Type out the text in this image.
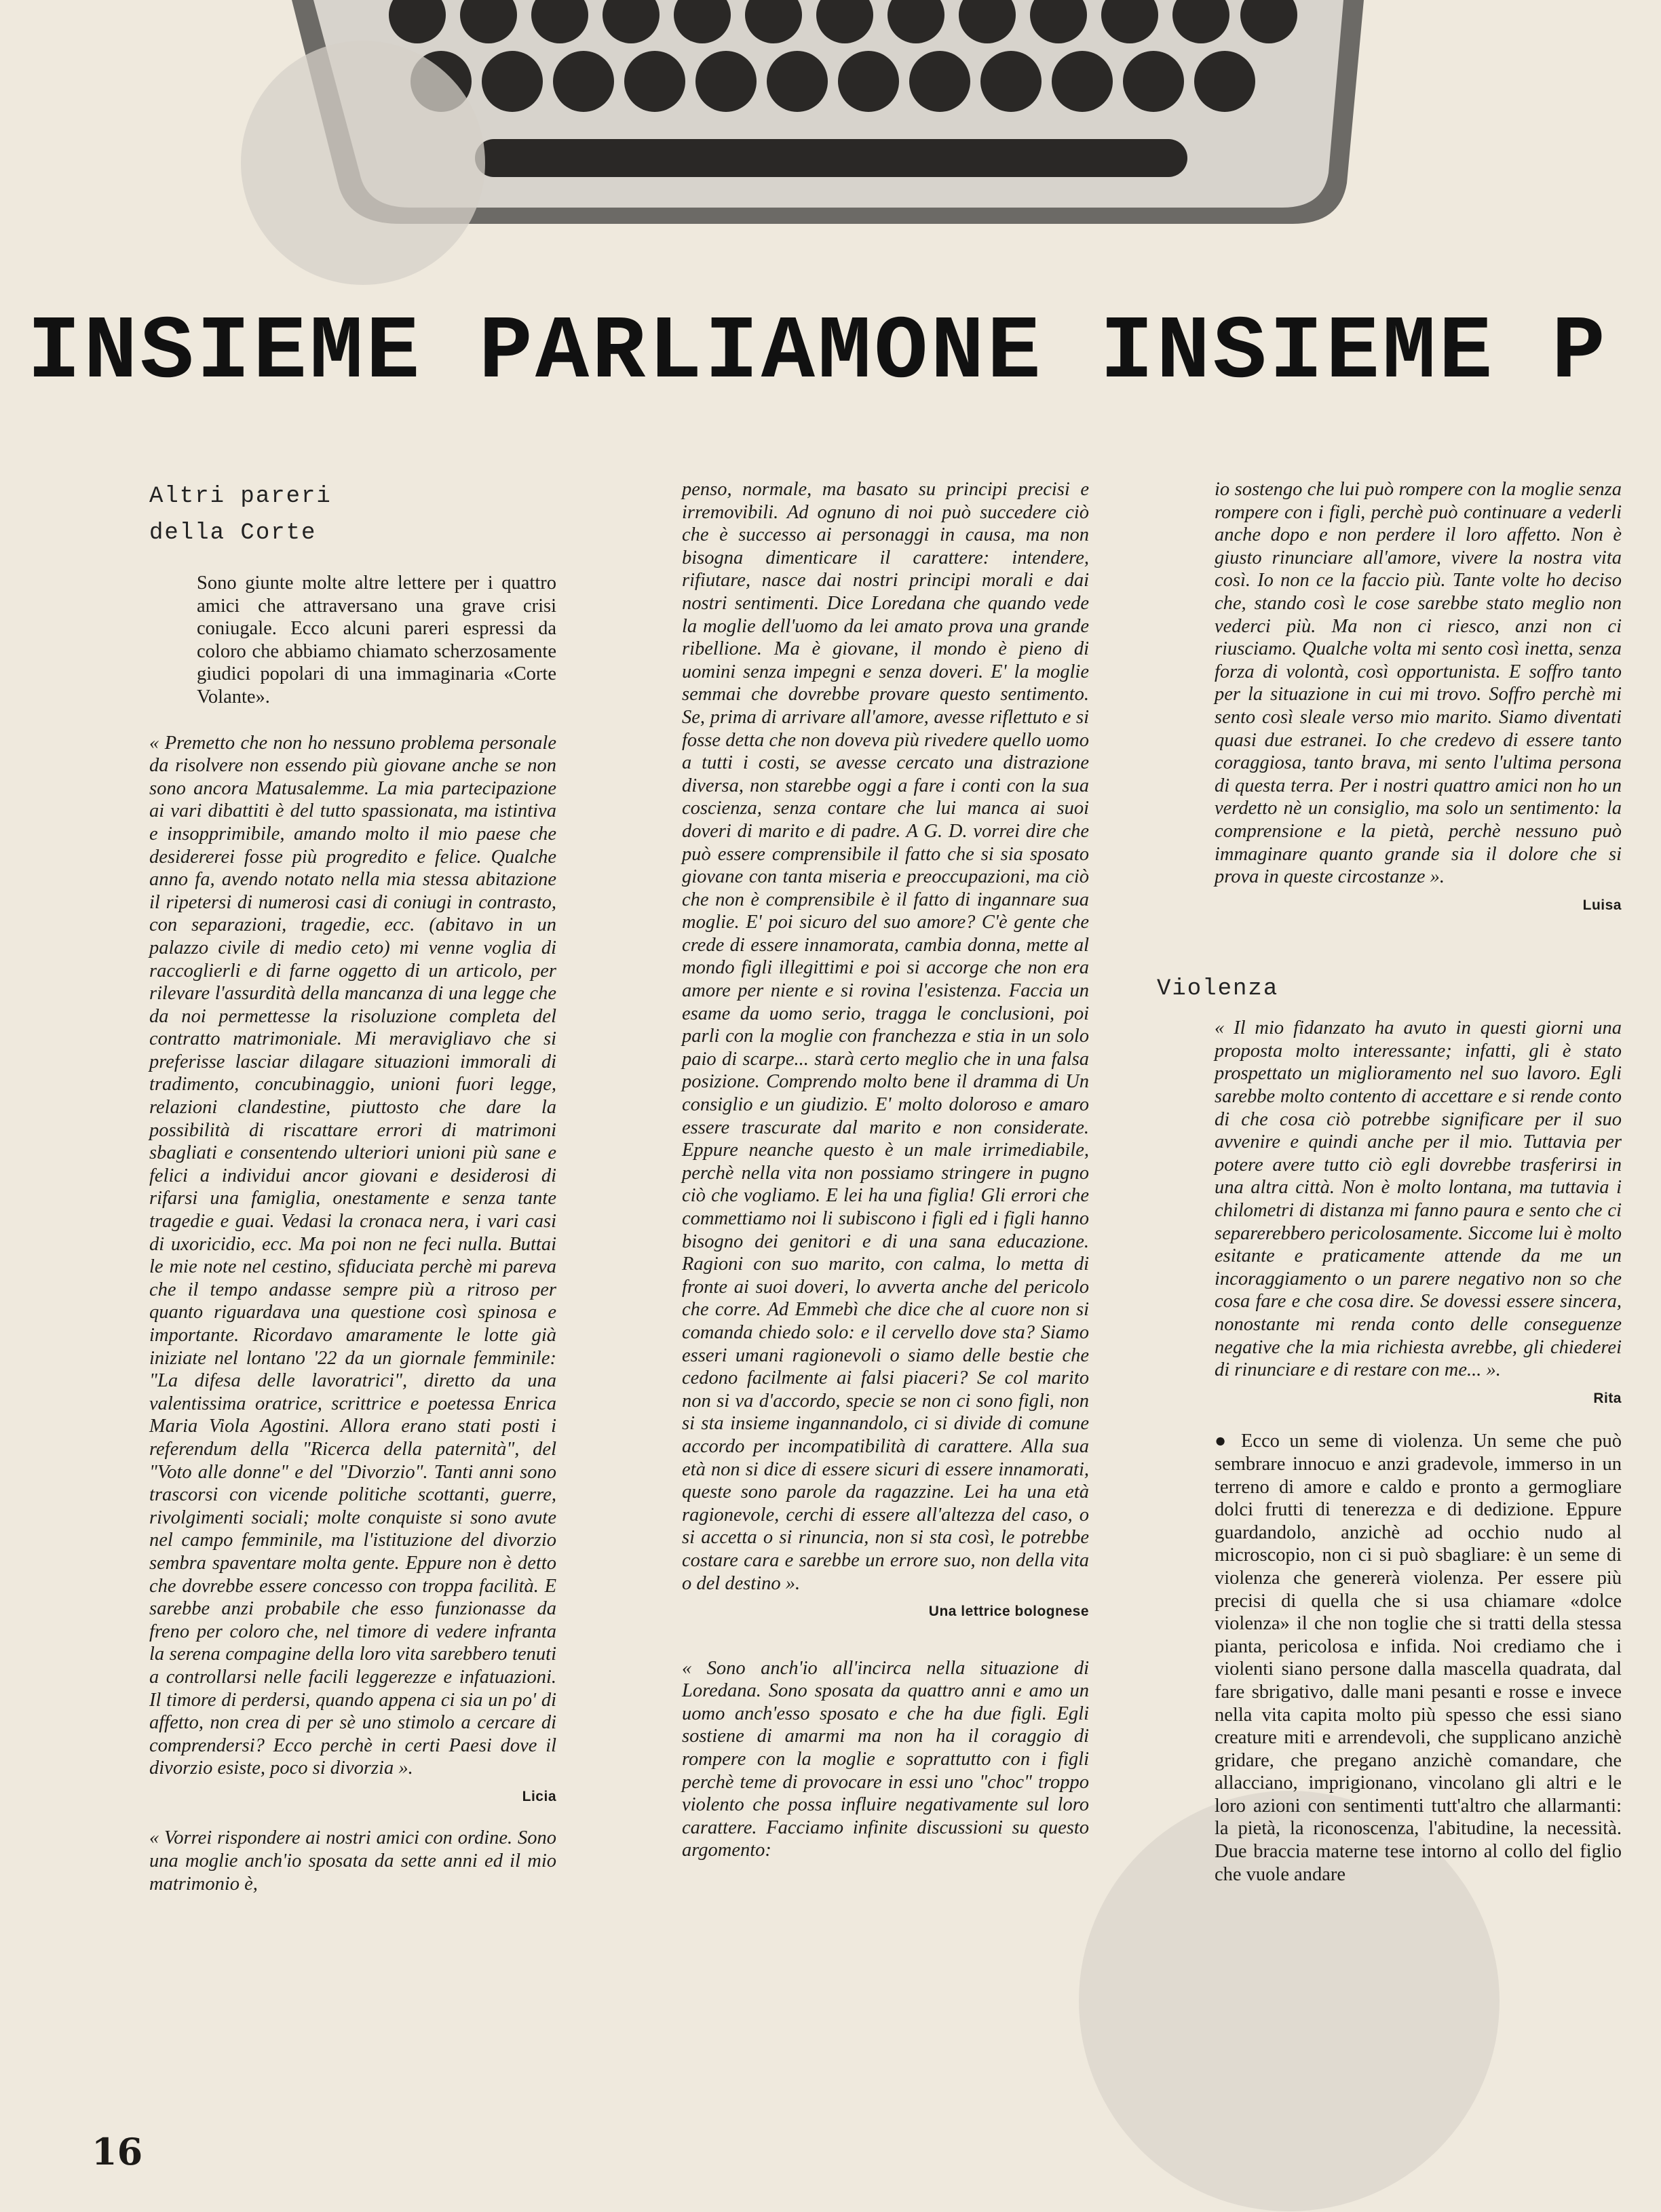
INSIEME PARLIAMONE INSIEME P
Altri pareri
della Corte

Sono giunte molte altre lettere per i quattro amici che attraversano una grave crisi coniugale. Ecco alcuni pareri espressi da coloro che abbiamo chiamato scherzosamente giudici popolari di una immaginaria «Corte Volante».

« Premetto che non ho nessuno problema personale da risolvere non essendo più giovane anche se non sono ancora Matusalemme. La mia partecipazione ai vari dibattiti è del tutto spassionata, ma istintiva e insopprimibile, amando molto il mio paese che desidererei fosse più progredito e felice. Qualche anno fa, avendo notato nella mia stessa abitazione il ripetersi di numerosi casi di coniugi in contrasto, con separazioni, tragedie, ecc. (abitavo in un palazzo civile di medio ceto) mi venne voglia di raccoglierli e di farne oggetto di un articolo, per rilevare l'assurdità della mancanza di una legge che da noi permettesse la risoluzione completa del contratto matrimoniale. Mi meravigliavo che si preferisse lasciar dilagare situazioni immorali di tradimento, concubinaggio, unioni fuori legge, relazioni clandestine, piuttosto che dare la possibilità di riscattare errori di matrimoni sbagliati e consentendo ulteriori unioni più sane e felici a individui ancor giovani e desiderosi di rifarsi una famiglia, onestamente e senza tante tragedie e guai. Vedasi la cronaca nera, i vari casi di uxoricidio, ecc. Ma poi non ne feci nulla. Buttai le mie note nel cestino, sfiduciata perchè mi pareva che il tempo andasse sempre più a ritroso per quanto riguardava una questione così spinosa e importante. Ricordavo amaramente le lotte già iniziate nel lontano '22 da un giornale femminile: "La difesa delle lavoratrici", diretto da una valentissima oratrice, scrittrice e poetessa Enrica Maria Viola Agostini. Allora erano stati posti i referendum della "Ricerca della paternità", del "Voto alle donne" e del "Divorzio". Tanti anni sono trascorsi con vicende politiche scottanti, guerre, rivolgimenti sociali; molte conquiste si sono avute nel campo femminile, ma l'istituzione del divorzio sembra spaventare molta gente. Eppure non è detto che dovrebbe essere concesso con troppa facilità. E sarebbe anzi probabile che esso funzionasse da freno per coloro che, nel timore di vedere infranta la serena compagine della loro vita sarebbero tenuti a controllarsi nelle facili leggerezze e infatuazioni. Il timore di perdersi, quando appena ci sia un po' di affetto, non crea di per sè uno stimolo a cercare di comprendersi? Ecco perchè in certi Paesi dove il divorzio esiste, poco si divorzia ».

Licia

« Vorrei rispondere ai nostri amici con ordine. Sono una moglie anch'io sposata da sette anni ed il mio matrimonio è,

penso, normale, ma basato su principi precisi e irremovibili. Ad ognuno di noi può succedere ciò che è successo ai personaggi in causa, ma non bisogna dimenticare il carattere: intendere, rifiutare, nasce dai nostri principi morali e dai nostri sentimenti. Dice Loredana che quando vede la moglie dell'uomo da lei amato prova una grande ribellione. Ma è giovane, il mondo è pieno di uomini senza impegni e senza doveri. E' la moglie semmai che dovrebbe provare questo sentimento. Se, prima di arrivare all'amore, avesse riflettuto e si fosse detta che non doveva più rivedere quello uomo a tutti i costi, se avesse cercato una distrazione diversa, non starebbe oggi a fare i conti con la sua coscienza, senza contare che lui manca ai suoi doveri di marito e di padre. A G. D. vorrei dire che può essere comprensibile il fatto che si sia sposato giovane con tanta miseria e preoccupazioni, ma ciò che non è comprensibile è il fatto di ingannare sua moglie. E' poi sicuro del suo amore? C'è gente che crede di essere innamorata, cambia donna, mette al mondo figli illegittimi e poi si accorge che non era amore per niente e si rovina l'esistenza. Faccia un esame da uomo serio, tragga le conclusioni, poi parli con la moglie con franchezza e stia in un solo paio di scarpe... starà certo meglio che in una falsa posizione. Comprendo molto bene il dramma di Un consiglio e un giudizio. E' molto doloroso e amaro essere trascurate dal marito e non considerate. Eppure neanche questo è un male irrimediabile, perchè nella vita non possiamo stringere in pugno ciò che vogliamo. E lei ha una figlia! Gli errori che commettiamo noi li subiscono i figli ed i figli hanno bisogno dei genitori e di una sana educazione. Ragioni con suo marito, con calma, lo metta di fronte ai suoi doveri, lo avverta anche del pericolo che corre. Ad Emmebì che dice che al cuore non si comanda chiedo solo: e il cervello dove sta? Siamo esseri umani ragionevoli o siamo delle bestie che cedono facilmente ai falsi piaceri? Se col marito non si va d'accordo, specie se non ci sono figli, non si sta insieme ingannandolo, ci si divide di comune accordo per incompatibilità di carattere. Alla sua età non si dice di essere sicuri di essere innamorati, queste sono parole da ragazzine. Lei ha una età ragionevole, cerchi di essere all'altezza del caso, o si accetta o si rinuncia, non si sta così, le potrebbe costare cara e sarebbe un errore suo, non della vita o del destino ».

Una lettrice bolognese

« Sono anch'io all'incirca nella situazione di Loredana. Sono sposata da quattro anni e amo un uomo anch'esso sposato e che ha due figli. Egli sostiene di amarmi ma non ha il coraggio di rompere con la moglie e soprattutto con i figli perchè teme di provocare in essi uno "choc" troppo violento che possa influire negativamente sul loro carattere. Facciamo infinite discussioni su questo argomento:

io sostengo che lui può rompere con la moglie senza rompere con i figli, perchè può continuare a vederli anche dopo e non perdere il loro affetto. Non è giusto rinunciare all'amore, vivere la nostra vita così. Io non ce la faccio più. Tante volte ho deciso che, stando così le cose sarebbe stato meglio non vederci più. Ma non ci riesco, anzi non ci riusciamo. Qualche volta mi sento così inetta, senza forza di volontà, così opportunista. E soffro tanto per la situazione in cui mi trovo. Soffro perchè mi sento così sleale verso mio marito. Siamo diventati quasi due estranei. Io che credevo di essere tanto coraggiosa, tanto brava, mi sento l'ultima persona di questa terra. Per i nostri quattro amici non ho un verdetto nè un consiglio, ma solo un sentimento: la comprensione e la pietà, perchè nessuno può immaginare quanto grande sia il dolore che si prova in queste circostanze ».

Luisa
Violenza

« Il mio fidanzato ha avuto in questi giorni una proposta molto interessante; infatti, gli è stato prospettato un miglioramento nel suo lavoro. Egli sarebbe molto contento di accettare e si rende conto di che cosa ciò potrebbe significare per il suo avvenire e quindi anche per il mio. Tuttavia per potere avere tutto ciò egli dovrebbe trasferirsi in una altra città. Non è molto lontana, ma tuttavia i chilometri di distanza mi fanno paura e sento che ci separerebbero pericolosamente. Siccome lui è molto esitante e praticamente attende da me un incoraggiamento o un parere negativo non so che cosa fare e che cosa dire. Se dovessi essere sincera, nonostante mi renda conto delle conseguenze negative che la mia richiesta avrebbe, gli chiederei di rinunciare e di restare con me... ».

Rita

● Ecco un seme di violenza. Un seme che può sembrare innocuo e anzi gradevole, immerso in un terreno di amore e caldo e pronto a germogliare dolci frutti di tenerezza e di dedizione. Eppure guardandolo, anzichè ad occhio nudo al microscopio, non ci si può sbagliare: è un seme di violenza che genererà violenza. Per essere più precisi di quella che si usa chiamare «dolce violenza» il che non toglie che si tratti della stessa pianta, pericolosa e infida. Noi crediamo che i violenti siano persone dalla mascella quadrata, dal fare sbrigativo, dalle mani pesanti e rosse e invece nella vita capita molto più spesso che essi siano creature miti e arrendevoli, che supplicano anzichè gridare, che pregano anzichè comandare, che allacciano, imprigionano, vincolano gli altri e le loro azioni con sentimenti tutt'altro che allarmanti: la pietà, la riconoscenza, l'abitudine, la necessità. Due braccia materne tese intorno al collo del figlio che vuole andare

16
